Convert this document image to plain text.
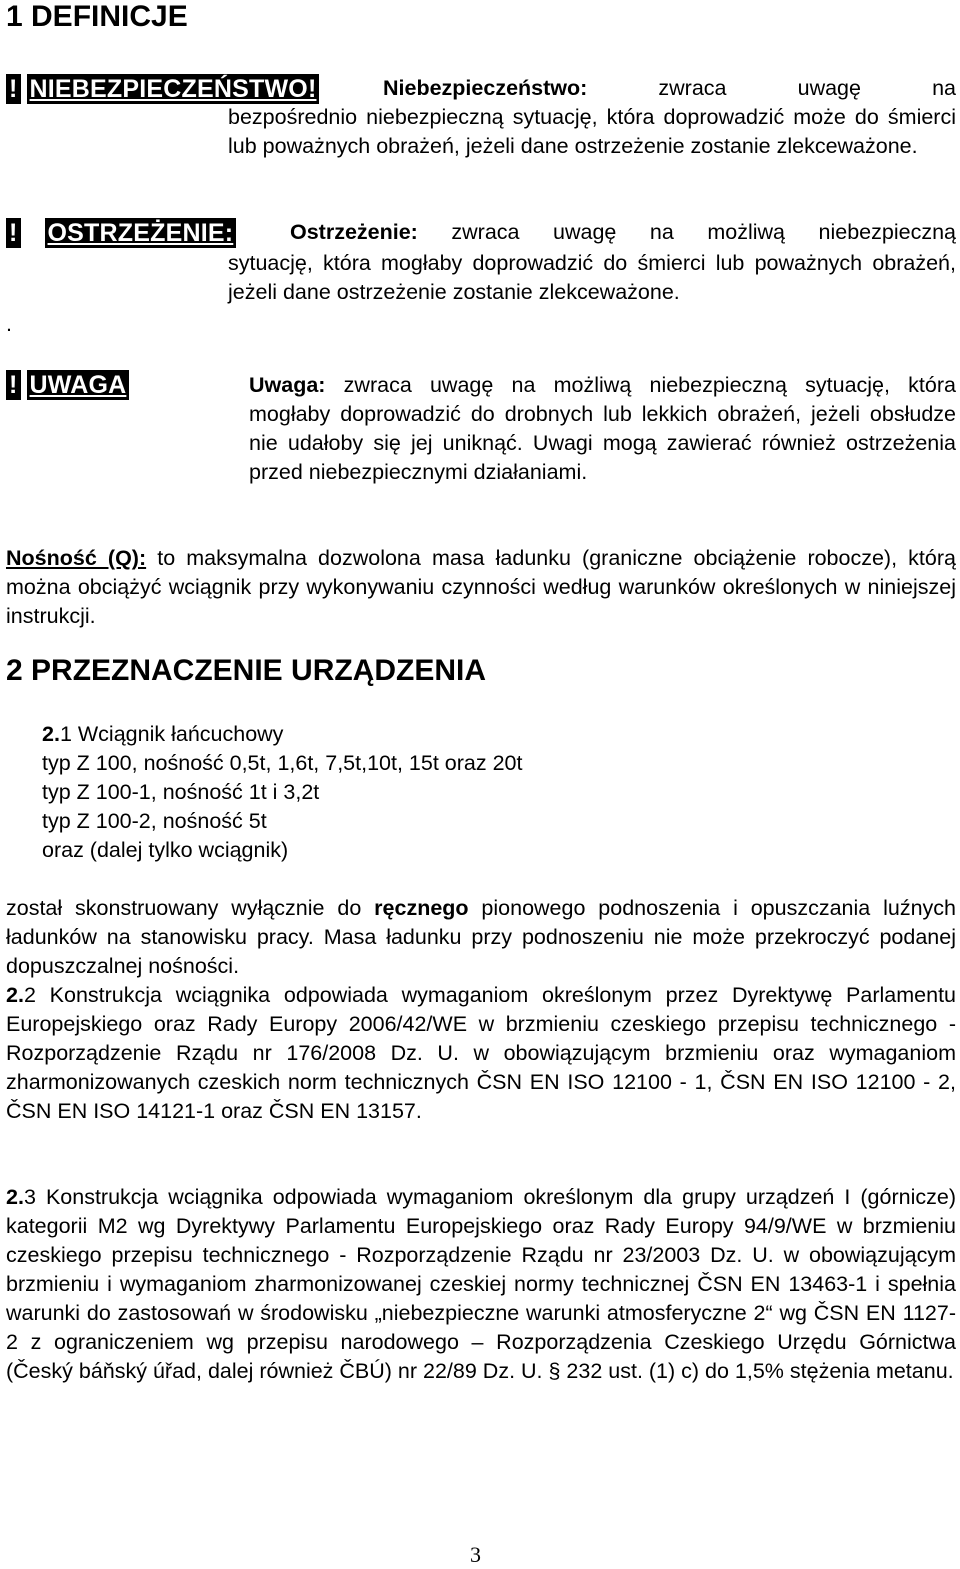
1 DEFINICJE
! NIEBEZPIECZEŃSTWO!	Niebezpieczeństwo:	zwraca uwagę na
bezpośrednio niebezpieczną sytuację, która doprowadzić może do śmierci lub poważnych obrażeń, jeżeli dane ostrzeżenie zostanie zlekceważone.
! OSTRZEŻENIE:	Ostrzeżenie: zwraca uwagę na możliwą niebezpieczną
sytuację, która mogłaby doprowadzić do śmierci lub poważnych obrażeń, jeżeli dane ostrzeżenie zostanie zlekceważone.
.
! UWAGA	Uwaga: zwraca uwagę na możliwą niebezpieczną sytuację, która mogłaby doprowadzić do drobnych lub lekkich obrażeń, jeżeli obsłudze nie udałoby się jej uniknąć. Uwagi mogą zawierać również ostrzeżenia przed niebezpiecznymi działaniami.
Nośność (Q): to maksymalna dozwolona masa ładunku (graniczne obciążenie robocze), którą można obciążyć wciągnik przy wykonywaniu czynności według warunków określonych w niniejszej instrukcji.
2 PRZEZNACZENIE URZĄDZENIA
2.1 Wciągnik łańcuchowy
typ Z 100, nośność 0,5t, 1,6t, 7,5t,10t, 15t oraz 20t
typ Z 100-1, nośność 1t i 3,2t
typ Z 100-2, nośność 5t
oraz (dalej tylko wciągnik)
został skonstruowany wyłącznie do ręcznego pionowego podnoszenia i opuszczania luźnych ładunków na stanowisku pracy. Masa ładunku przy podnoszeniu nie może przekroczyć podanej dopuszczalnej nośności.
2.2 Konstrukcja wciągnika odpowiada wymaganiom określonym przez Dyrektywę Parlamentu Europejskiego oraz Rady Europy 2006/42/WE w brzmieniu czeskiego przepisu technicznego - Rozporządzenie Rządu nr 176/2008 Dz. U. w obowiązującym brzmieniu oraz wymaganiom zharmonizowanych czeskich norm technicznych ČSN EN ISO 12100 - 1, ČSN EN ISO 12100 - 2, ČSN EN ISO 14121-1 oraz ČSN EN 13157.
2.3 Konstrukcja wciągnika odpowiada wymaganiom określonym dla grupy urządzeń I (górnicze) kategorii M2 wg Dyrektywy Parlamentu Europejskiego oraz Rady Europy 94/9/WE w brzmieniu czeskiego przepisu technicznego - Rozporządzenie Rządu nr 23/2003 Dz. U. w obowiązującym brzmieniu i wymaganiom zharmonizowanej czeskiej normy technicznej ČSN EN 13463-1 i spełnia warunki do zastosowań w środowisku „niebezpieczne warunki atmosferyczne 2“ wg ČSN EN 1127-2 z ograniczeniem wg przepisu narodowego – Rozporządzenia Czeskiego Urzędu Górnictwa (Český báňský úřad, dalej również ČBÚ) nr 22/89 Dz. U. § 232 ust. (1) c) do 1,5% stężenia metanu.
3
